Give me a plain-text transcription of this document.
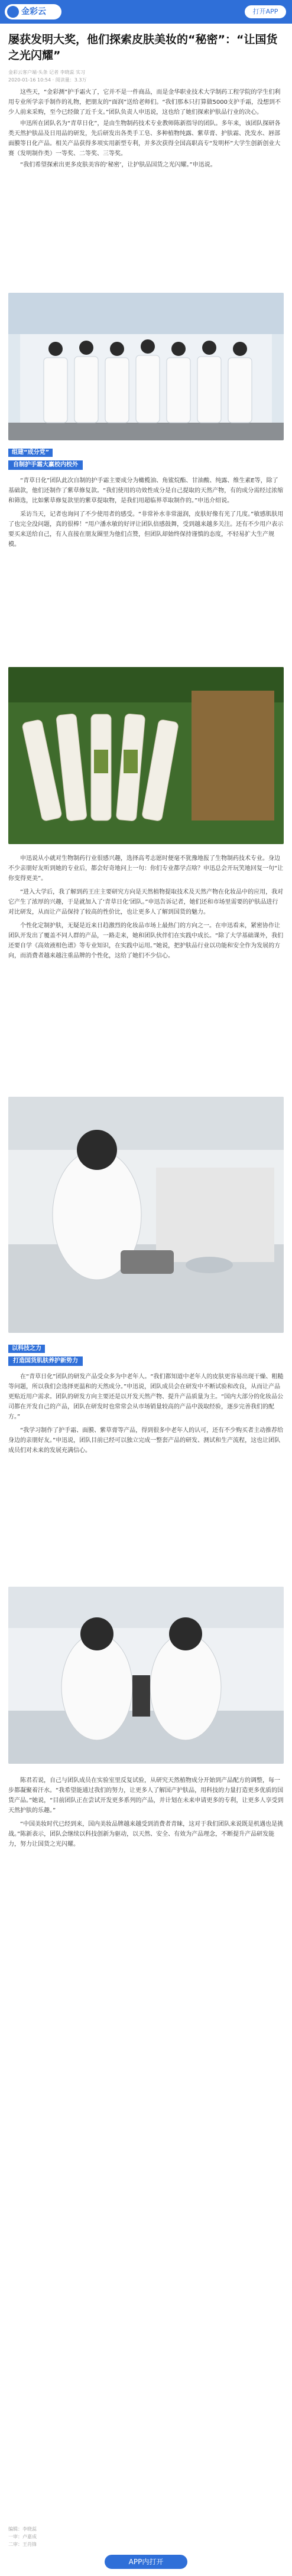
金彩云	打开APP
屡获发明大奖，他们探索皮肤美妆的“秘密”：“让国货之光闪耀”
金彩云客户端·头条 记者 李晓蕊 实习
2020-01-16 10:54 · 阅读量：3.3万

这些天，“金彩测”护手霜火了，它并不是一件商品，而是金华职业技术大学制药工程学院的学生们利用专业所学亲手制作的礼物，把朋友的“面润”送给老师们。“我们那本只打算做5000支护手霜，没想到不少人前来采购，至今已经做了近千支。”团队负责人申迅说，这也给了她们探索护肤品行业的决心。

申迅所在团队名为“青草日化”，是由生物制药技术专业教师陈新指导的团队。多年来，该团队探研各类天然护肤品及日用品的研发，先后研发出各类手工皂、多种植物纯露、紫草膏、护肤霜、洗发水、唇部面膜等日化产品。相关产品获得多项实用新型专利，并多次获得全国高职高专“发明杯”大学生创新创业大赛（发明制作类）一等奖、二等奖、三等奖。

“我们希望探索出更多皮肤美容的‘秘密’，让护肤品国货之光闪耀。”申迅说。

组建“成分党”
自制护手霜大赢校内校外

“青草日化”团队此次自制的护手霜主要成分为橄榄油、角鲨烷酯、甘油酸、纯露、维生素E等，除了基础款，他们还制作了紫草修复款。“我们使用的功效性成分是自己提取的天然产物，有的成分需经过浓缩和筛选，比如紫草修复款里的紫草提取物，是我们用超临界萃取制作的。”申迅介绍说。

采访当天，记者也询问了不少使用者的感受。“非常补水非常滋润，皮肤好像有光了几度。”敏感肌肤用了也完全没问题，真的很棒！“用户潘水敏的好评让团队倍感鼓舞，受到越来越多关注。还有不少用户表示要买来送给自己，有人直接在朋友圈里为他们点赞，但团队却始终保持谨慎的态度，不轻易扩大生产规模。

申迅说从小就对生物制药行业很感兴趣，选择高考志愿时便毫不犹豫地报了生物制药技术专业。身边不少亲朋好友听到她的专业后，都会好奇地问上一句：你们专业都学点啥？申迅总会开玩笑地回复一句“让你变得更美”。

“进入大学后，我了解到药王庄主要研究方向是天然植物提取技术及天然产物在化妆品中的应用，我对它产生了浓厚的兴趣，于是就加入了‘青草日化’团队。”申迅告诉记者，她们还和市场里需要的护肤品进行对比研发，从而让产品保持了较高的性价比，也让更多人了解到国货的魅力。

个性化定制护肤，无疑是近来日趋激烈的化妆品市场上最热门的方向之一。在申迅看来，紧密协作让团队开发出了覆盖不同人群的产品，一路走来，她和团队伙伴们在实践中成长。“除了大学基础课外，我们还要自学《高效液相色谱》等专业知识，在实践中运用。”她说，把护肤品行业以功能和安全作为发展的方向，而消费者越来越注重品牌的个性化，这给了她们不少信心。

以科技之力
打造国货肌肤养护新势力

在“青草日化”团队的研发产品受众多为中老年人。“我们都知道中老年人的皮肤更容易出现干燥、粗糙等问题，所以我们会选择更温和的天然成分。”申迅说，团队成员会在研发中不断试验和改良，从而让产品更贴近用户需求。团队的研发方向主要还是以开发天然产物、提升产品质量为主。“国内大部分的化妆品公司都在开发自己的产品，团队在研发时也常常会从市场销量较高的产品中汲取经验，逐步完善我们的配方。”

“我学习制作了护手霜、面膜、紫草膏等产品，得到很多中老年人的认可，还有不少购买者主动推荐给身边的亲朋好友。”申迅说，团队目前已经可以独立完成一整套产品的研发、测试和生产流程，这也让团队成员们对未来的发展充满信心。

陈君若说，自己与团队成员在实验室里反复试验，从研究天然植物成分开始到产品配方的调整，每一步都凝聚着汗水。“我希望能通过我们的努力，让更多人了解国产护肤品，用科技的力量打造更多优质的国货产品。”她说，“目前团队正在尝试开发更多系列的产品，并计划在未来申请更多的专利，让更多人享受到天然护肤的乐趣。”

“中国美妆时代已经到来，国内美妆品牌越来越受到消费者青睐，这对于我们团队来说既是机遇也是挑战。”陈新表示，团队会继续以科技创新为驱动，以天然、安全、有效为产品理念，不断提升产品研发能力，努力让国货之光闪耀。

编辑：李晓蕊
一审：卢嘉成
二审：王肖锋
APP内打开
